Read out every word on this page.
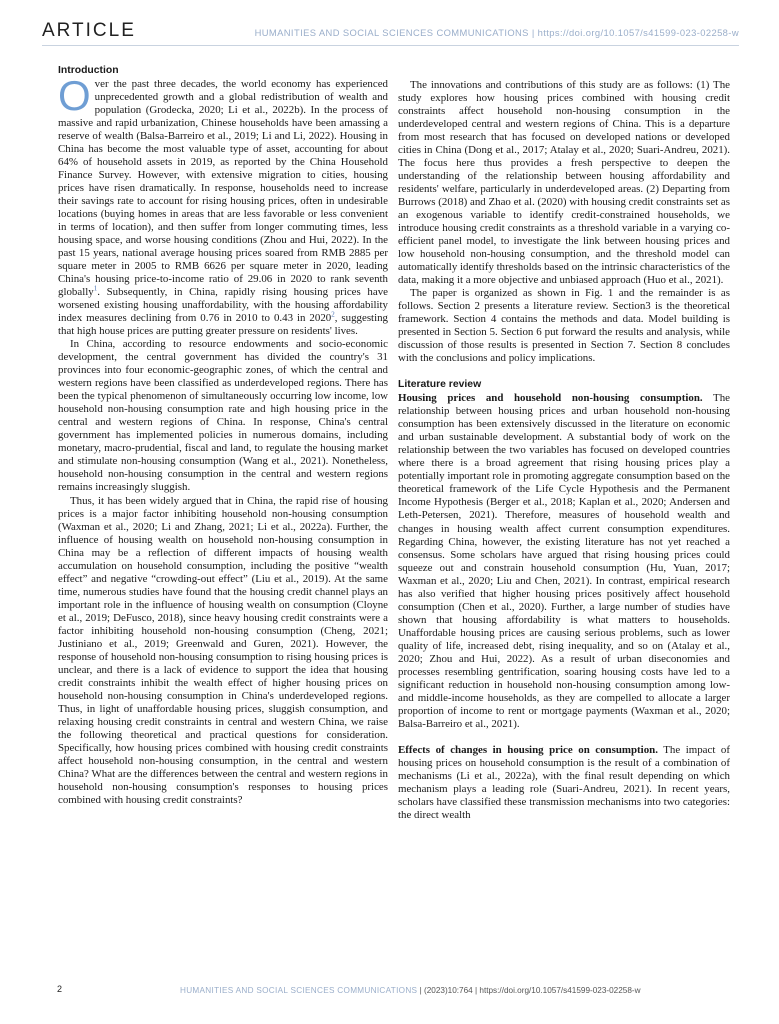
ARTICLE	HUMANITIES AND SOCIAL SCIENCES COMMUNICATIONS | https://doi.org/10.1057/s41599-023-02258-w
Introduction

Over the past three decades, the world economy has experienced unprecedented growth and a global redistribution of wealth and population (Grodecka, 2020; Li et al., 2022b). In the process of massive and rapid urbanization, Chinese households have been amassing a reserve of wealth (Balsa-Barreiro et al., 2019; Li and Li, 2022). Housing in China has become the most valuable type of asset, accounting for about 64% of household assets in 2019, as reported by the China Household Finance Survey. However, with extensive migration to cities, housing prices have risen dramatically. In response, households need to increase their savings rate to account for rising housing prices, often in undesirable locations (buying homes in areas that are less favorable or less convenient in terms of location), and then suffer from longer commuting times, less housing space, and worse housing conditions (Zhou and Hui, 2022). In the past 15 years, national average housing prices soared from RMB 2885 per square meter in 2005 to RMB 6626 per square meter in 2020, leading China's housing price-to-income ratio of 29.06 in 2020 to rank seventh globally$^1$. Subsequently, in China, rapidly rising housing prices have worsened existing housing unaffordability, with the housing affordability index measures declining from 0.76 in 2010 to 0.43 in 2020$^2$, suggesting that high house prices are putting greater pressure on residents' lives.

In China, according to resource endowments and socio-economic development, the central government has divided the country's 31 provinces into four economic-geographic zones, of which the central and western regions have been classified as underdeveloped regions. There has been the typical phenomenon of simultaneously occurring low income, low household non-housing consumption rate and high housing price in the central and western regions of China. In response, China's central government has implemented policies in numerous domains, including monetary, macro-prudential, fiscal and land, to regulate the housing market and stimulate non-housing consumption (Wang et al., 2021). Nonetheless, household non-housing consumption in the central and western regions remains increasingly sluggish.

Thus, it has been widely argued that in China, the rapid rise of housing prices is a major factor inhibiting household non-housing consumption (Waxman et al., 2020; Li and Zhang, 2021; Li et al., 2022a). Further, the influence of housing wealth on household non-housing consumption in China may be a reflection of different impacts of housing wealth accumulation on household consumption, including the positive “wealth effect” and negative “crowding-out effect” (Liu et al., 2019). At the same time, numerous studies have found that the housing credit channel plays an important role in the influence of housing wealth on consumption (Cloyne et al., 2019; DeFusco, 2018), since heavy housing credit constraints were a factor inhibiting household non-housing consumption (Cheng, 2021; Justiniano et al., 2019; Greenwald and Guren, 2021). However, the response of household non-housing consumption to rising housing prices is unclear, and there is a lack of evidence to support the idea that housing credit constraints inhibit the wealth effect of higher housing prices on household non-housing consumption in China's underdeveloped regions. Thus, in light of unaffordable housing prices, sluggish consumption, and relaxing housing credit constraints in central and western China, we raise the following theoretical and practical questions for consideration. Specifically, how housing prices combined with housing credit constraints affect household non-housing consumption, in the central and western China? What are the differences between the central and western regions in household non-housing consumption's responses to housing prices combined with housing credit constraints?

The innovations and contributions of this study are as follows: (1) The study explores how housing prices combined with housing credit constraints affect household non-housing consumption in the underdeveloped central and western regions of China. This is a departure from most research that has focused on developed nations or developed cities in China (Dong et al., 2017; Atalay et al., 2020; Suari-Andreu, 2021). The focus here thus provides a fresh perspective to deepen the understanding of the relationship between housing affordability and residents' welfare, particularly in underdeveloped areas. (2) Departing from Burrows (2018) and Zhao et al. (2020) with housing credit constraints set as an exogenous variable to identify credit-constrained households, we introduce housing credit constraints as a threshold variable in a varying co-efficient panel model, to investigate the link between housing prices and low household non-housing consumption, and the threshold model can automatically identify thresholds based on the intrinsic characteristics of the data, making it a more objective and unbiased approach (Huo et al., 2021).

The paper is organized as shown in Fig. 1 and the remainder is as follows. Section 2 presents a literature review. Section3 is the theoretical framework. Section 4 contains the methods and data. Model building is presented in Section 5. Section 6 put forward the results and analysis, while discussion of those results is presented in Section 7. Section 8 concludes with the conclusions and policy implications.

Literature review

Housing prices and household non-housing consumption. The relationship between housing prices and urban household non-housing consumption has been extensively discussed in the literature on economic and urban sustainable development. A substantial body of work on the relationship between the two variables has focused on developed countries where there is a broad agreement that rising housing prices play a potentially important role in promoting aggregate consumption based on the theoretical framework of the Life Cycle Hypothesis and the Permanent Income Hypothesis (Berger et al., 2018; Kaplan et al., 2020; Andersen and Leth-Petersen, 2021). Therefore, measures of household wealth and changes in housing wealth affect current consumption expenditures. Regarding China, however, the existing literature has not yet reached a consensus. Some scholars have argued that rising housing prices could squeeze out and constrain household consumption (Hu, Yuan, 2017; Waxman et al., 2020; Liu and Chen, 2021). In contrast, empirical research has also verified that higher housing prices positively affect household consumption (Chen et al., 2020). Further, a large number of studies have shown that housing affordability is what matters to households. Unaffordable housing prices are causing serious problems, such as lower quality of life, increased debt, rising inequality, and so on (Atalay et al., 2020; Zhou and Hui, 2022). As a result of urban diseconomies and processes resembling gentrification, soaring housing costs have led to a significant reduction in household non-housing consumption among low- and middle-income households, as they are compelled to allocate a larger proportion of income to rent or mortgage payments (Waxman et al., 2020; Balsa-Barreiro et al., 2021).

Effects of changes in housing price on consumption. The impact of housing prices on household consumption is the result of a combination of mechanisms (Li et al., 2022a), with the final result depending on which mechanism plays a leading role (Suari-Andreu, 2021). In recent years, scholars have classified these transmission mechanisms into two categories: the direct wealth

2	HUMANITIES AND SOCIAL SCIENCES COMMUNICATIONS | (2023)10:764 | https://doi.org/10.1057/s41599-023-02258-w
